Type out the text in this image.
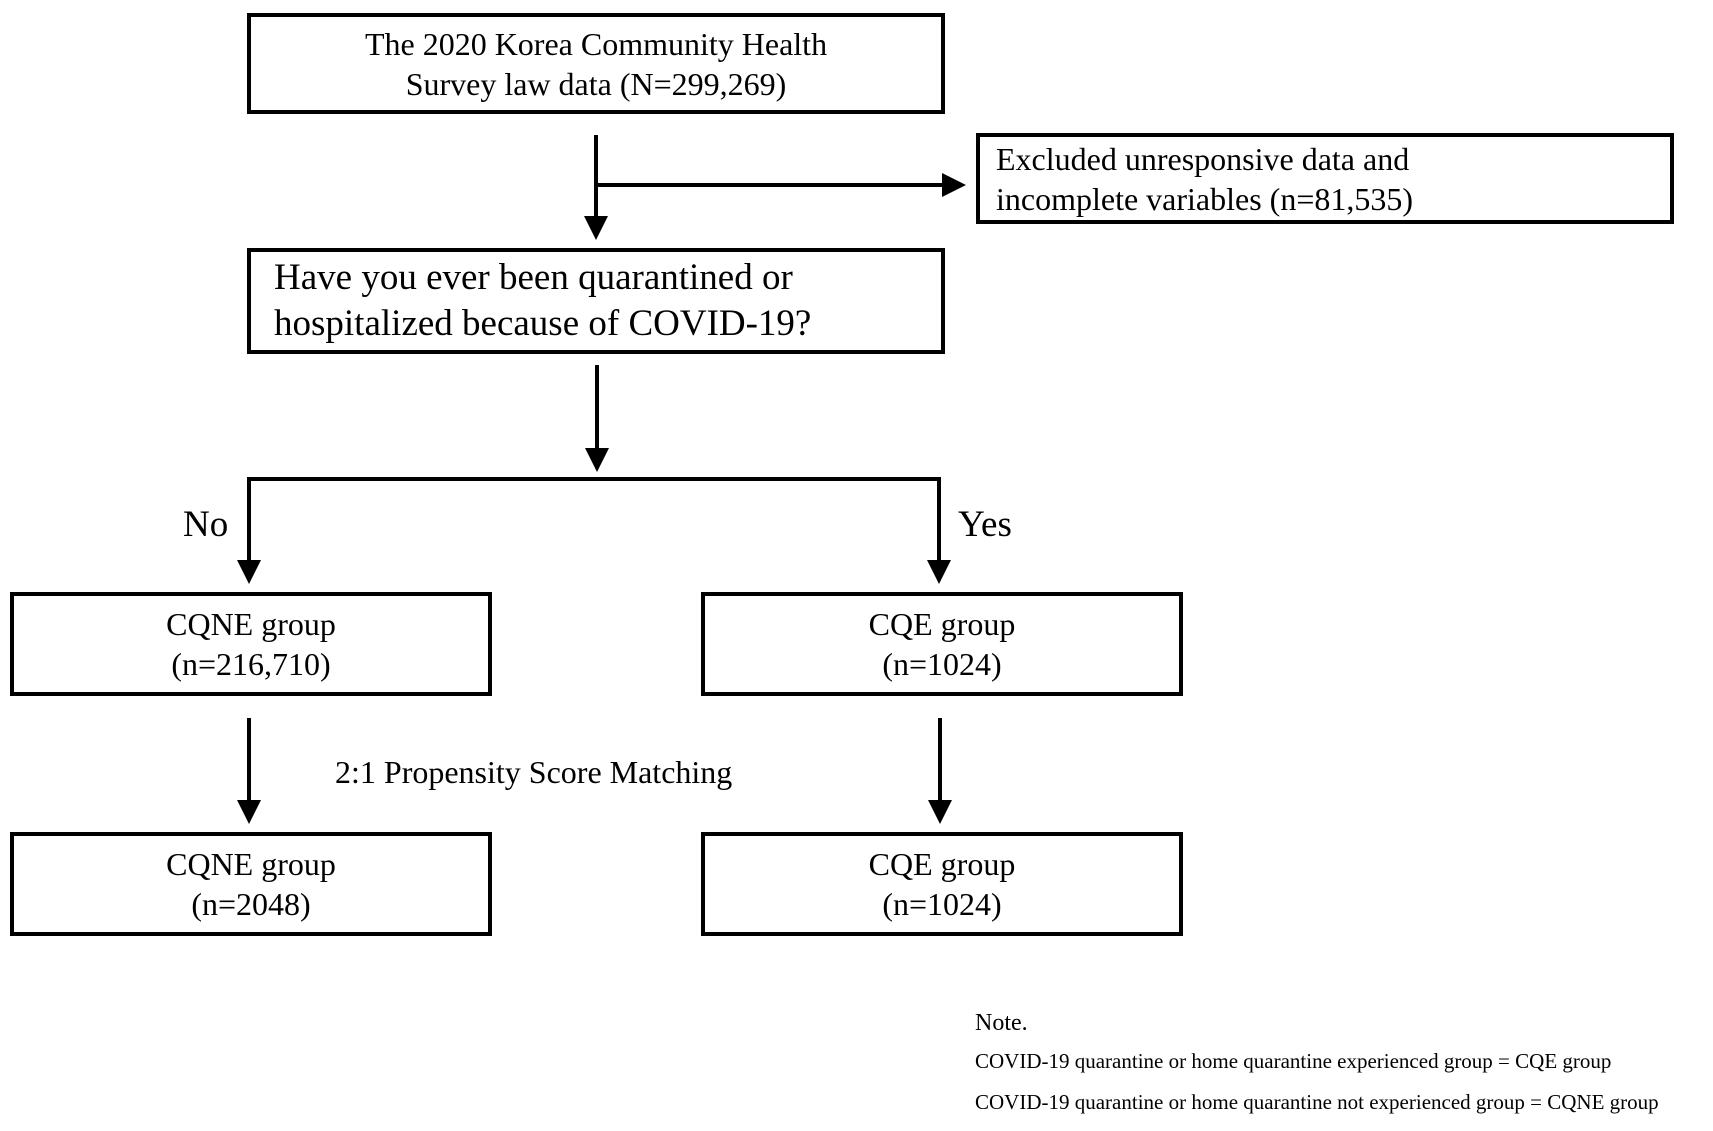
The 2020 Korea Community Health
Survey law data (N=299,269)
Excluded unresponsive data and
incomplete variables (n=81,535)
Have you ever been quarantined or
hospitalized because of COVID-19?
No	Yes
CQNE group
(n=216,710)
CQE group
(n=1024)
2:1 Propensity Score Matching
CQNE group
(n=2048)
CQE group
(n=1024)
Note.
COVID-19 quarantine or home quarantine experienced group = CQE group
COVID-19 quarantine or home quarantine not experienced group = CQNE group
